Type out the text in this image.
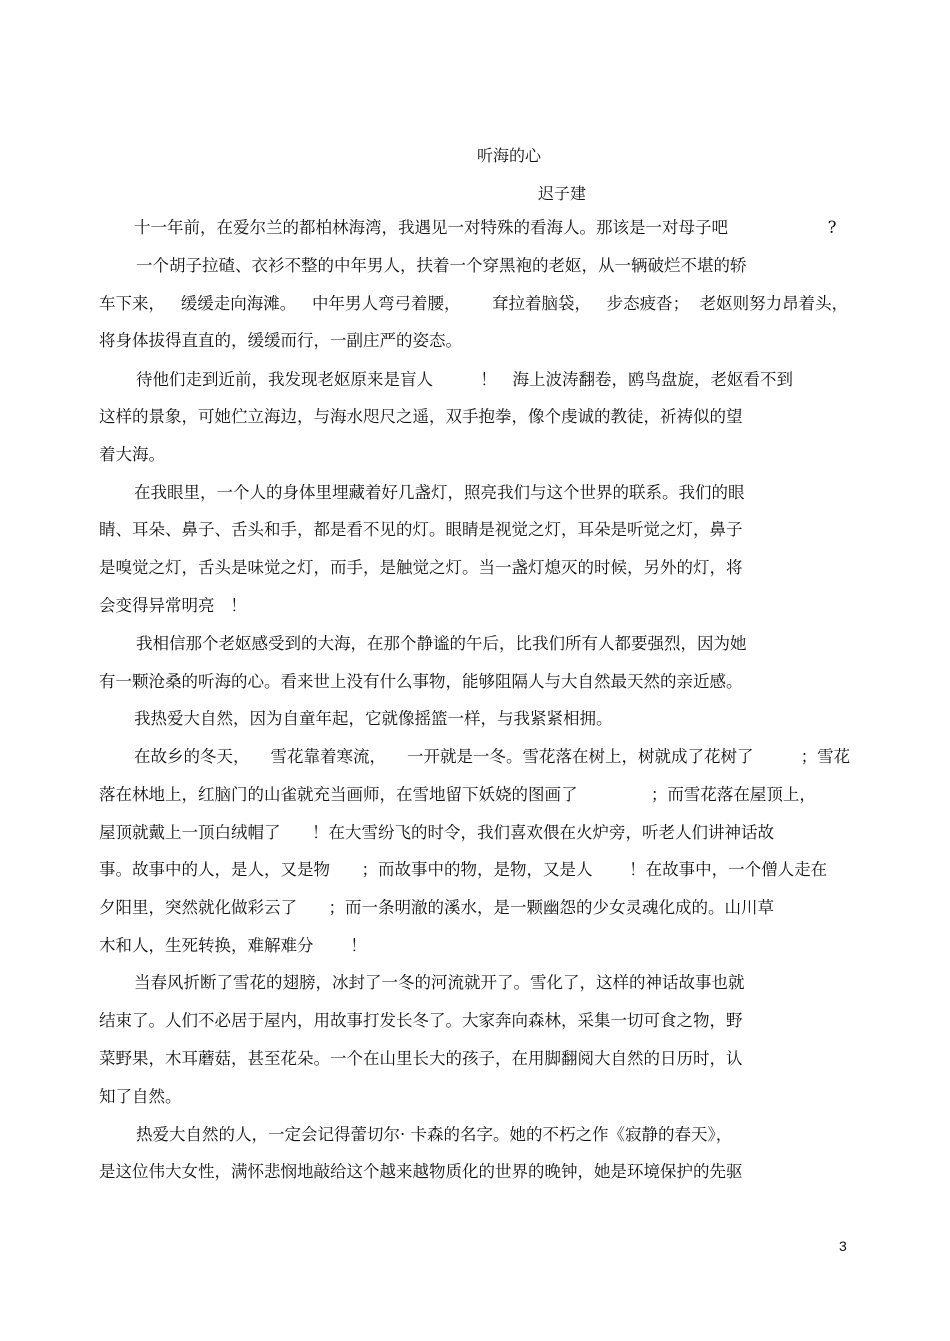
听海的心
迟子建
十一年前，在爱尔兰的都柏林海湾，我遇见一对特殊的看海人。那该是一对母子吧                   ?
一个胡子拉碴、衣衫不整的中年男人，扶着一个穿黑袍的老妪，从一辆破烂不堪的轿
车下来，   缓缓走向海滩。   中年男人弯弓着腰，      耷拉着脑袋，   步态疲沓；  老妪则努力昂着头，
将身体拔得直直的，缓缓而行，一副庄严的姿态。
待他们走到近前，我发现老妪原来是盲人         ！   海上波涛翻卷，鸥鸟盘旋，老妪看不到
这样的景象，可她伫立海边，与海水咫尺之遥，双手抱拳，像个虔诚的教徒，祈祷似的望
着大海。
在我眼里，一个人的身体里埋藏着好几盏灯，照亮我们与这个世界的联系。我们的眼
睛、耳朵、鼻子、舌头和手，都是看不见的灯。眼睛是视觉之灯，耳朵是听觉之灯，鼻子
是嗅觉之灯，舌头是味觉之灯，而手，是触觉之灯。当一盏灯熄灭的时候，另外的灯，将
会变得异常明亮   ！
我相信那个老妪感受到的大海，在那个静谧的午后，比我们所有人都要强烈，因为她
有一颗沧桑的听海的心。看来世上没有什么事物，能够阻隔人与大自然最天然的亲近感。
我热爱大自然，因为自童年起，它就像摇篮一样，与我紧紧相拥。
在故乡的冬天，    雪花靠着寒流，    一开就是一冬。雪花落在树上，树就成了花树了         ；雪花
落在林地上，红脑门的山雀就充当画师，在雪地留下妖娆的图画了              ；而雪花落在屋顶上，
屋顶就戴上一顶白绒帽了      ！在大雪纷飞的时令，我们喜欢偎在火炉旁，听老人们讲神话故
事。故事中的人，是人，又是物      ；而故事中的物，是物，又是人       ！在故事中，一个僧人走在
夕阳里，突然就化做彩云了      ；而一条明澈的溪水，是一颗幽怨的少女灵魂化成的。山川草
木和人，生死转换，难解难分       ！
当春风折断了雪花的翅膀，冰封了一冬的河流就开了。雪化了，这样的神话故事也就
结束了。人们不必居于屋内，用故事打发长冬了。大家奔向森林，采集一切可食之物，野
菜野果，木耳蘑菇，甚至花朵。一个在山里长大的孩子，在用脚翻阅大自然的日历时，认
知了自然。
热爱大自然的人，一定会记得蕾切尔· 卡森的名字。她的不朽之作《寂静的春天》，
是这位伟大女性，满怀悲悯地敲给这个越来越物质化的世界的晚钟，她是环境保护的先驱
3
